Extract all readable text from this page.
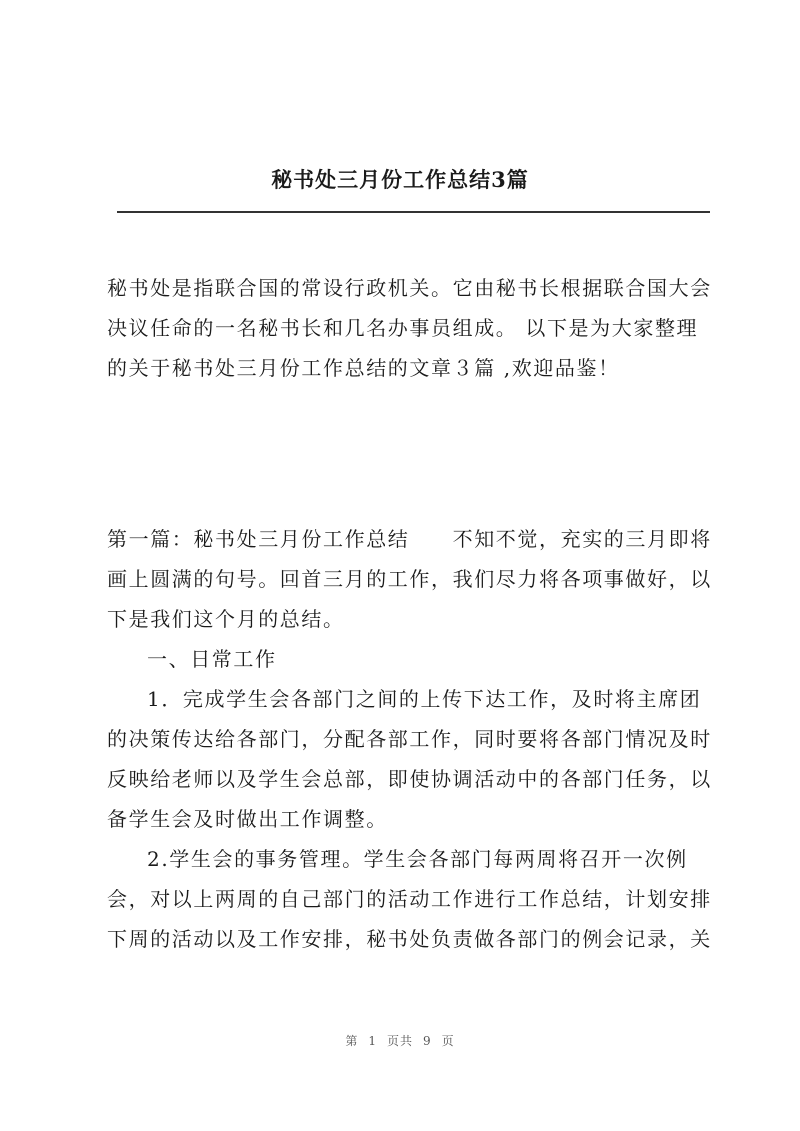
秘书处三月份工作总结3篇
秘书处是指联合国的常设行政机关。它由秘书长根据联合国大会
决议任命的一名秘书长和几名办事员组成。 以下是为大家整理
的关于秘书处三月份工作总结的文章３篇 ,欢迎品鉴！
第一篇：秘书处三月份工作总结　　不知不觉，充实的三月即将
画上圆满的句号。回首三月的工作，我们尽力将各项事做好，以
下是我们这个月的总结。
一、日常工作
1．完成学生会各部门之间的上传下达工作，及时将主席团
的决策传达给各部门，分配各部工作，同时要将各部门情况及时
反映给老师以及学生会总部，即使协调活动中的各部门任务，以
备学生会及时做出工作调整。
2.学生会的事务管理。学生会各部门每两周将召开一次例
会，对以上两周的自己部门的活动工作进行工作总结，计划安排
下周的活动以及工作安排，秘书处负责做各部门的例会记录，关
第 1 页共 9 页
